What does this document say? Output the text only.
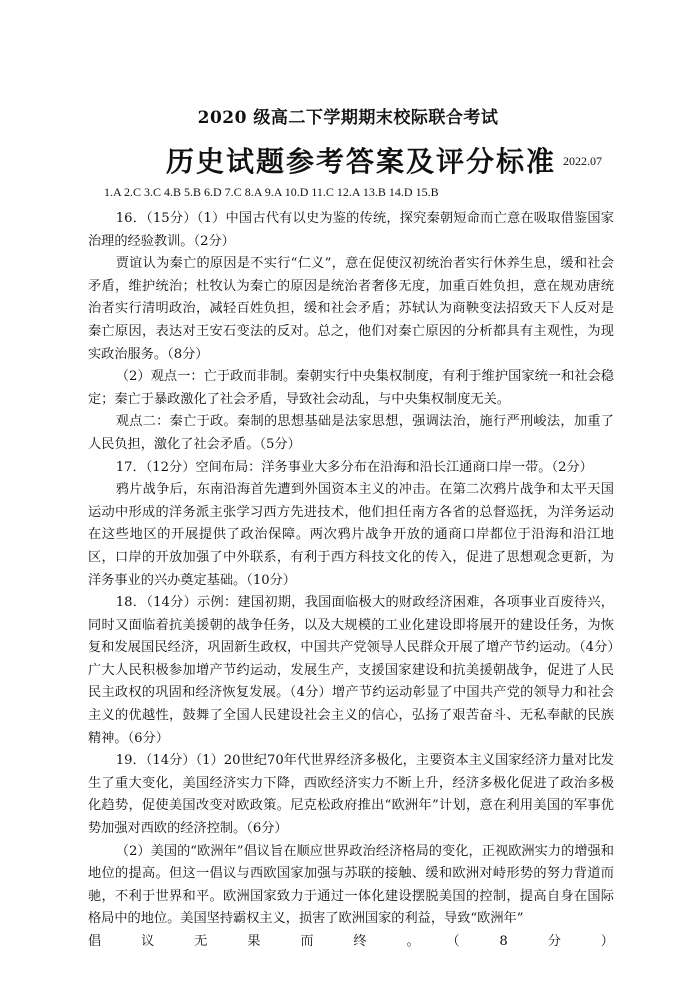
2020 级高二下学期期末校际联合考试
历史试题参考答案及评分标准 2022.07
1.A 2.C 3.C 4.B 5.B 6.D 7.C 8.A 9.A 10.D 11.C 12.A 13.B 14.D 15.B

16．（15分）（1）中国古代有以史为鉴的传统，探究秦朝短命而亡意在吸取借鉴国家治理的经验教训。（2分）

贾谊认为秦亡的原因是不实行“仁义”，意在促使汉初统治者实行休养生息，缓和社会矛盾，维护统治；杜牧认为秦亡的原因是统治者奢侈无度，加重百姓负担，意在规劝唐统治者实行清明政治，减轻百姓负担，缓和社会矛盾；苏轼认为商鞅变法招致天下人反对是秦亡原因，表达对王安石变法的反对。总之，他们对秦亡原因的分析都具有主观性，为现实政治服务。（8分）

（2）观点一：亡于政而非制。秦朝实行中央集权制度，有利于维护国家统一和社会稳定；秦亡于暴政激化了社会矛盾，导致社会动乱，与中央集权制度无关。

观点二：秦亡于政。秦制的思想基础是法家思想，强调法治，施行严刑峻法，加重了人民负担，激化了社会矛盾。（5分）

17．（12分）空间布局：洋务事业大多分布在沿海和沿长江通商口岸一带。（2分）

鸦片战争后，东南沿海首先遭到外国资本主义的冲击。在第二次鸦片战争和太平天国运动中形成的洋务派主张学习西方先进技术，他们担任南方各省的总督巡抚，为洋务运动在这些地区的开展提供了政治保障。两次鸦片战争开放的通商口岸都位于沿海和沿江地区，口岸的开放加强了中外联系，有利于西方科技文化的传入，促进了思想观念更新，为洋务事业的兴办奠定基础。（10分）

18．（14分）示例：建国初期，我国面临极大的财政经济困难，各项事业百废待兴，同时又面临着抗美援朝的战争任务，以及大规模的工业化建设即将展开的建设任务，为恢复和发展国民经济，巩固新生政权，中国共产党领导人民群众开展了增产节约运动。（4分）广大人民积极参加增产节约运动，发展生产，支援国家建设和抗美援朝战争，促进了人民民主政权的巩固和经济恢复发展。（4分）增产节约运动彰显了中国共产党的领导力和社会主义的优越性，鼓舞了全国人民建设社会主义的信心，弘扬了艰苦奋斗、无私奉献的民族精神。（6分）

19．（14分）（1）20世纪70年代世界经济多极化，主要资本主义国家经济力量对比发生了重大变化，美国经济实力下降，西欧经济实力不断上升，经济多极化促进了政治多极化趋势，促使美国改变对欧政策。尼克松政府推出“欧洲年”计划，意在利用美国的军事优势加强对西欧的经济控制。（6分）

（2）美国的“欧洲年”倡议旨在顺应世界政治经济格局的变化，正视欧洲实力的增强和地位的提高。但这一倡议与西欧国家加强与苏联的接触、缓和欧洲对峙形势的努力背道而驰，不利于世界和平。欧洲国家致力于通过一体化建设摆脱美国的控制，提高自身在国际格局中的地位。美国坚持霸权主义，损害了欧洲国家的利益，导致“欧洲年”

倡　议　无　果　而　终　。　（　8　分　）
